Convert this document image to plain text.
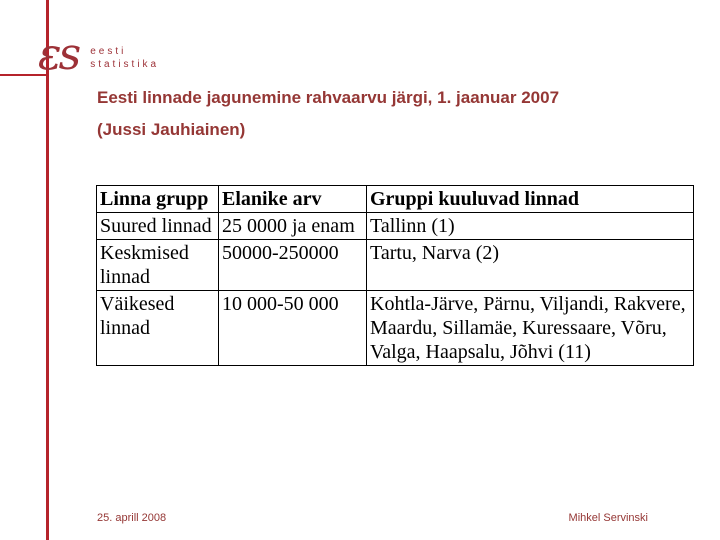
εs eesti
statistika
Eesti linnade jagunemine rahvaarvu järgi, 1. jaanuar 2007
(Jussi Jauhiainen)
Linna grupp	Elanike arv	Gruppi kuuluvad linnad
Suured linnad	25 0000 ja enam	Tallinn (1)
Keskmised linnad	50000-250000	Tartu, Narva (2)
Väikesed linnad	10 000-50 000	Kohtla-Järve, Pärnu, Viljandi, Rakvere, Maardu, Sillamäe, Kuressaare, Võru, Valga, Haapsalu, Jõhvi (11)
25. aprill 2008	Mihkel Servinski
